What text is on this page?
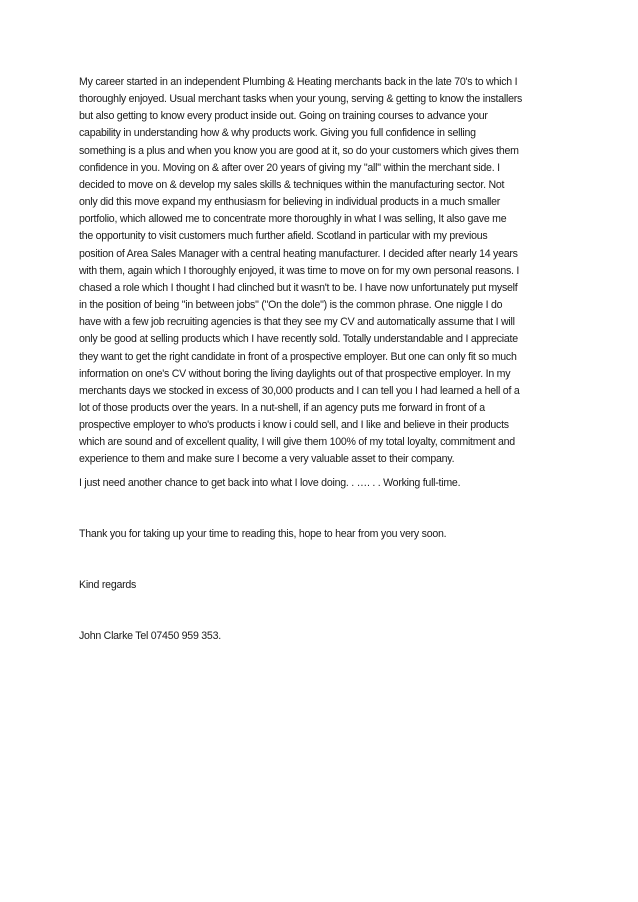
My career started in an independent Plumbing & Heating merchants back in the late 70's to which I
thoroughly enjoyed. Usual merchant tasks when your young, serving & getting to know the installers
but also getting to know every product inside out. Going on training courses to advance your
capability in understanding how & why products work. Giving you full confidence in selling
something is a plus and when you know you are good at it, so do your customers which gives them
confidence in you. Moving on & after over 20 years of giving my "all" within the merchant side. I
decided to move on & develop my sales skills & techniques within the manufacturing sector. Not
only did this move expand my enthusiasm for believing in individual products in a much smaller
portfolio, which allowed me to concentrate more thoroughly in what I was selling, It also gave me
the opportunity to visit customers much further afield. Scotland in particular with my previous
position of Area Sales Manager with a central heating manufacturer. I decided after nearly 14 years
with them, again which I thoroughly enjoyed, it was time to move on for my own personal reasons. I
chased a role which I thought I had clinched but it wasn't to be. I have now unfortunately put myself
in the position of being "in between jobs" ("On the dole") is the common phrase. One niggle I do
have with a few job recruiting agencies is that they see my CV and automatically assume that I will
only be good at selling products which I have recently sold. Totally understandable and I appreciate
they want to get the right candidate in front of a prospective employer. But one can only fit so much
information on one's CV without boring the living daylights out of that prospective employer. In my
merchants days we stocked in excess of 30,000 products and I can tell you I had learned a hell of a
lot of those products over the years. In a nut-shell, if an agency puts me forward in front of a
prospective employer to who's products i know i could sell, and I like and believe in their products
which are sound and of excellent quality, I will give them 100% of my total loyalty, commitment and
experience to them and make sure I become a very valuable asset to their company.

I just need another chance to get back into what I love doing. . …. . . Working full-time.

Thank you for taking up your time to reading this, hope to hear from you very soon.

Kind regards

John Clarke Tel 07450 959 353.
